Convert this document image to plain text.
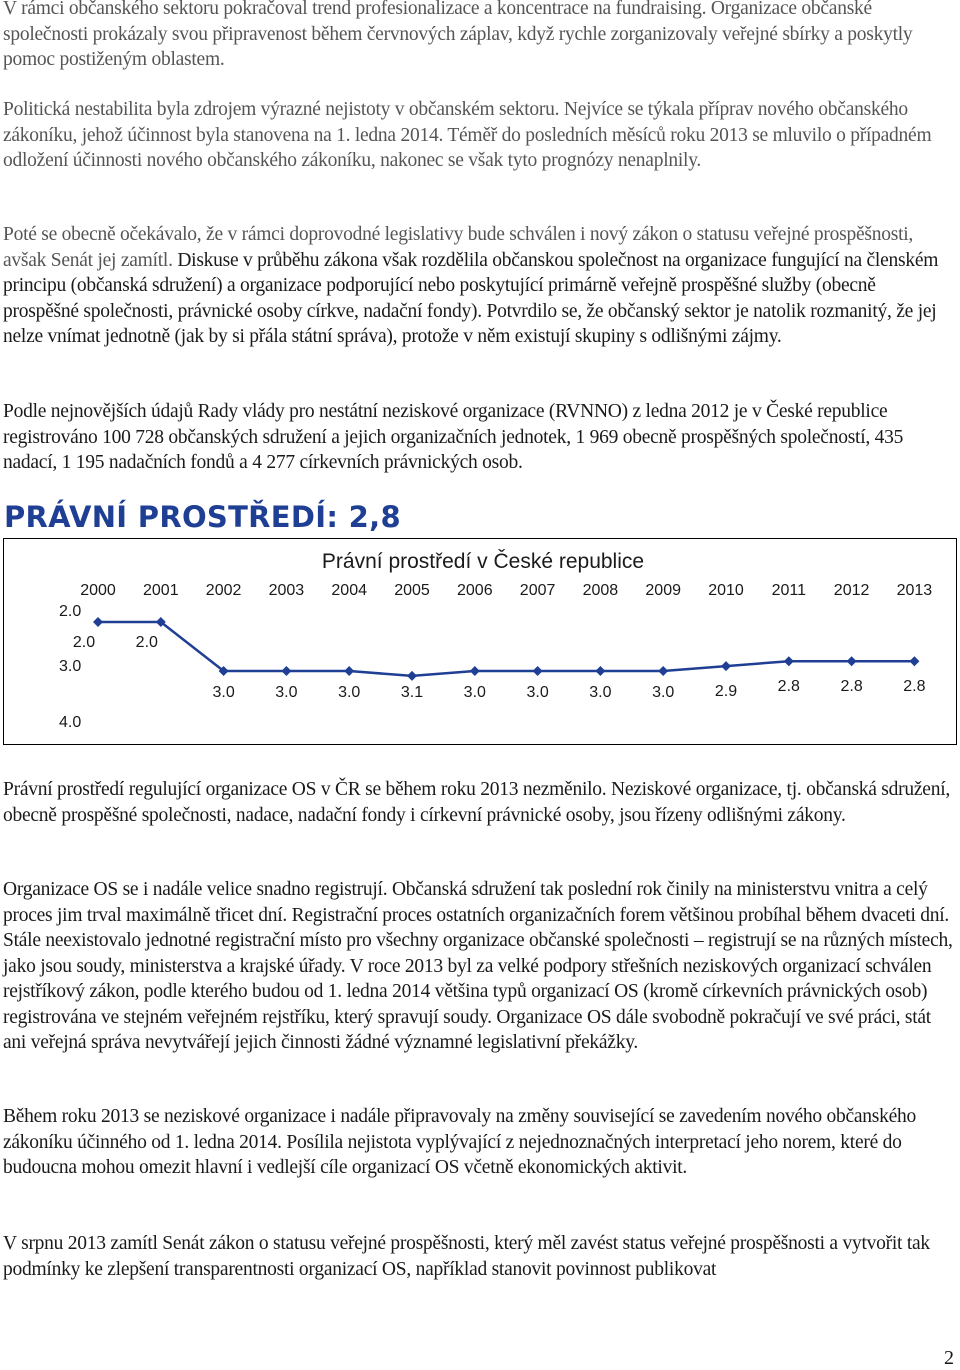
V rámci občanského sektoru pokračoval trend profesionalizace a koncentrace na fundraising. Organizace občanské společnosti prokázaly svou připravenost během červnových záplav, když rychle zorganizovaly veřejné sbírky a poskytly pomoc postiženým oblastem.

Politická nestabilita byla zdrojem výrazné nejistoty v občanském sektoru. Nejvíce se týkala příprav nového občanského zákoníku, jehož účinnost byla stanovena na 1. ledna 2014. Téměř do posledních měsíců roku 2013 se mluvilo o případném odložení účinnosti nového občanského zákoníku, nakonec se však tyto prognózy nenaplnily.

Poté se obecně očekávalo, že v rámci doprovodné legislativy bude schválen i nový zákon o statusu veřejné prospěšnosti, avšak Senát jej zamítl. Diskuse v průběhu zákona však rozdělila občanskou společnost na organizace fungující na členském principu (občanská sdružení) a organizace podporující nebo poskytující primárně veřejně prospěšné služby (obecně prospěšné společnosti, právnické osoby církve, nadační fondy). Potvrdilo se, že občanský sektor je natolik rozmanitý, že jej nelze vnímat jednotně (jak by si přála státní správa), protože v něm existují skupiny s odlišnými zájmy.

Podle nejnovějších údajů Rady vlády pro nestátní neziskové organizace (RVNNO) z ledna 2012 je v České republice registrováno 100 728 občanských sdružení a jejich organizačních jednotek, 1 969 obecně prospěšných společností, 435 nadací, 1 195 nadačních fondů a 4 277 církevních právnických osob.

PRÁVNÍ PROSTŘEDÍ: 2,8
Právní prostředí v České republice
2000 2001 2002 2003 2004 2005 2006 2007 2008 2009 2010 2011 2012 2013
2.0
3.0
4.0
2.0	2.0
3.0	3.0	3.0	3.1	3.0	3.0	3.0	3.0	2.9	2.8	2.8	2.8

Právní prostředí regulující organizace OS v ČR se během roku 2013 nezměnilo. Neziskové organizace, tj. občanská sdružení, obecně prospěšné společnosti, nadace, nadační fondy i církevní právnické osoby, jsou řízeny odlišnými zákony.

Organizace OS se i nadále velice snadno registrují. Občanská sdružení tak poslední rok činily na ministerstvu vnitra a celý proces jim trval maximálně třicet dní. Registrační proces ostatních organizačních forem většinou probíhal během dvaceti dní. Stále neexistovalo jednotné registrační místo pro všechny organizace občanské společnosti – registrují se na různých místech, jako jsou soudy, ministerstva a krajské úřady. V roce 2013 byl za velké podpory střešních neziskových organizací schválen rejstříkový zákon, podle kterého budou od 1. ledna 2014 většina typů organizací OS (kromě církevních právnických osob) registrována ve stejném veřejném rejstříku, který spravují soudy. Organizace OS dále svobodně pokračují ve své práci, stát ani veřejná správa nevytvářejí jejich činnosti žádné významné legislativní překážky.

Během roku 2013 se neziskové organizace i nadále připravovaly na změny související se zavedením nového občanského zákoníku účinného od 1. ledna 2014. Posílila nejistota vyplývající z nejednoznačných interpretací jeho norem, které do budoucna mohou omezit hlavní i vedlejší cíle organizací OS včetně ekonomických aktivit.

V srpnu 2013 zamítl Senát zákon o statusu veřejné prospěšnosti, který měl zavést status veřejné prospěšnosti a vytvořit tak podmínky ke zlepšení transparentnosti organizací OS, například stanovit povinnost publikovat

2
